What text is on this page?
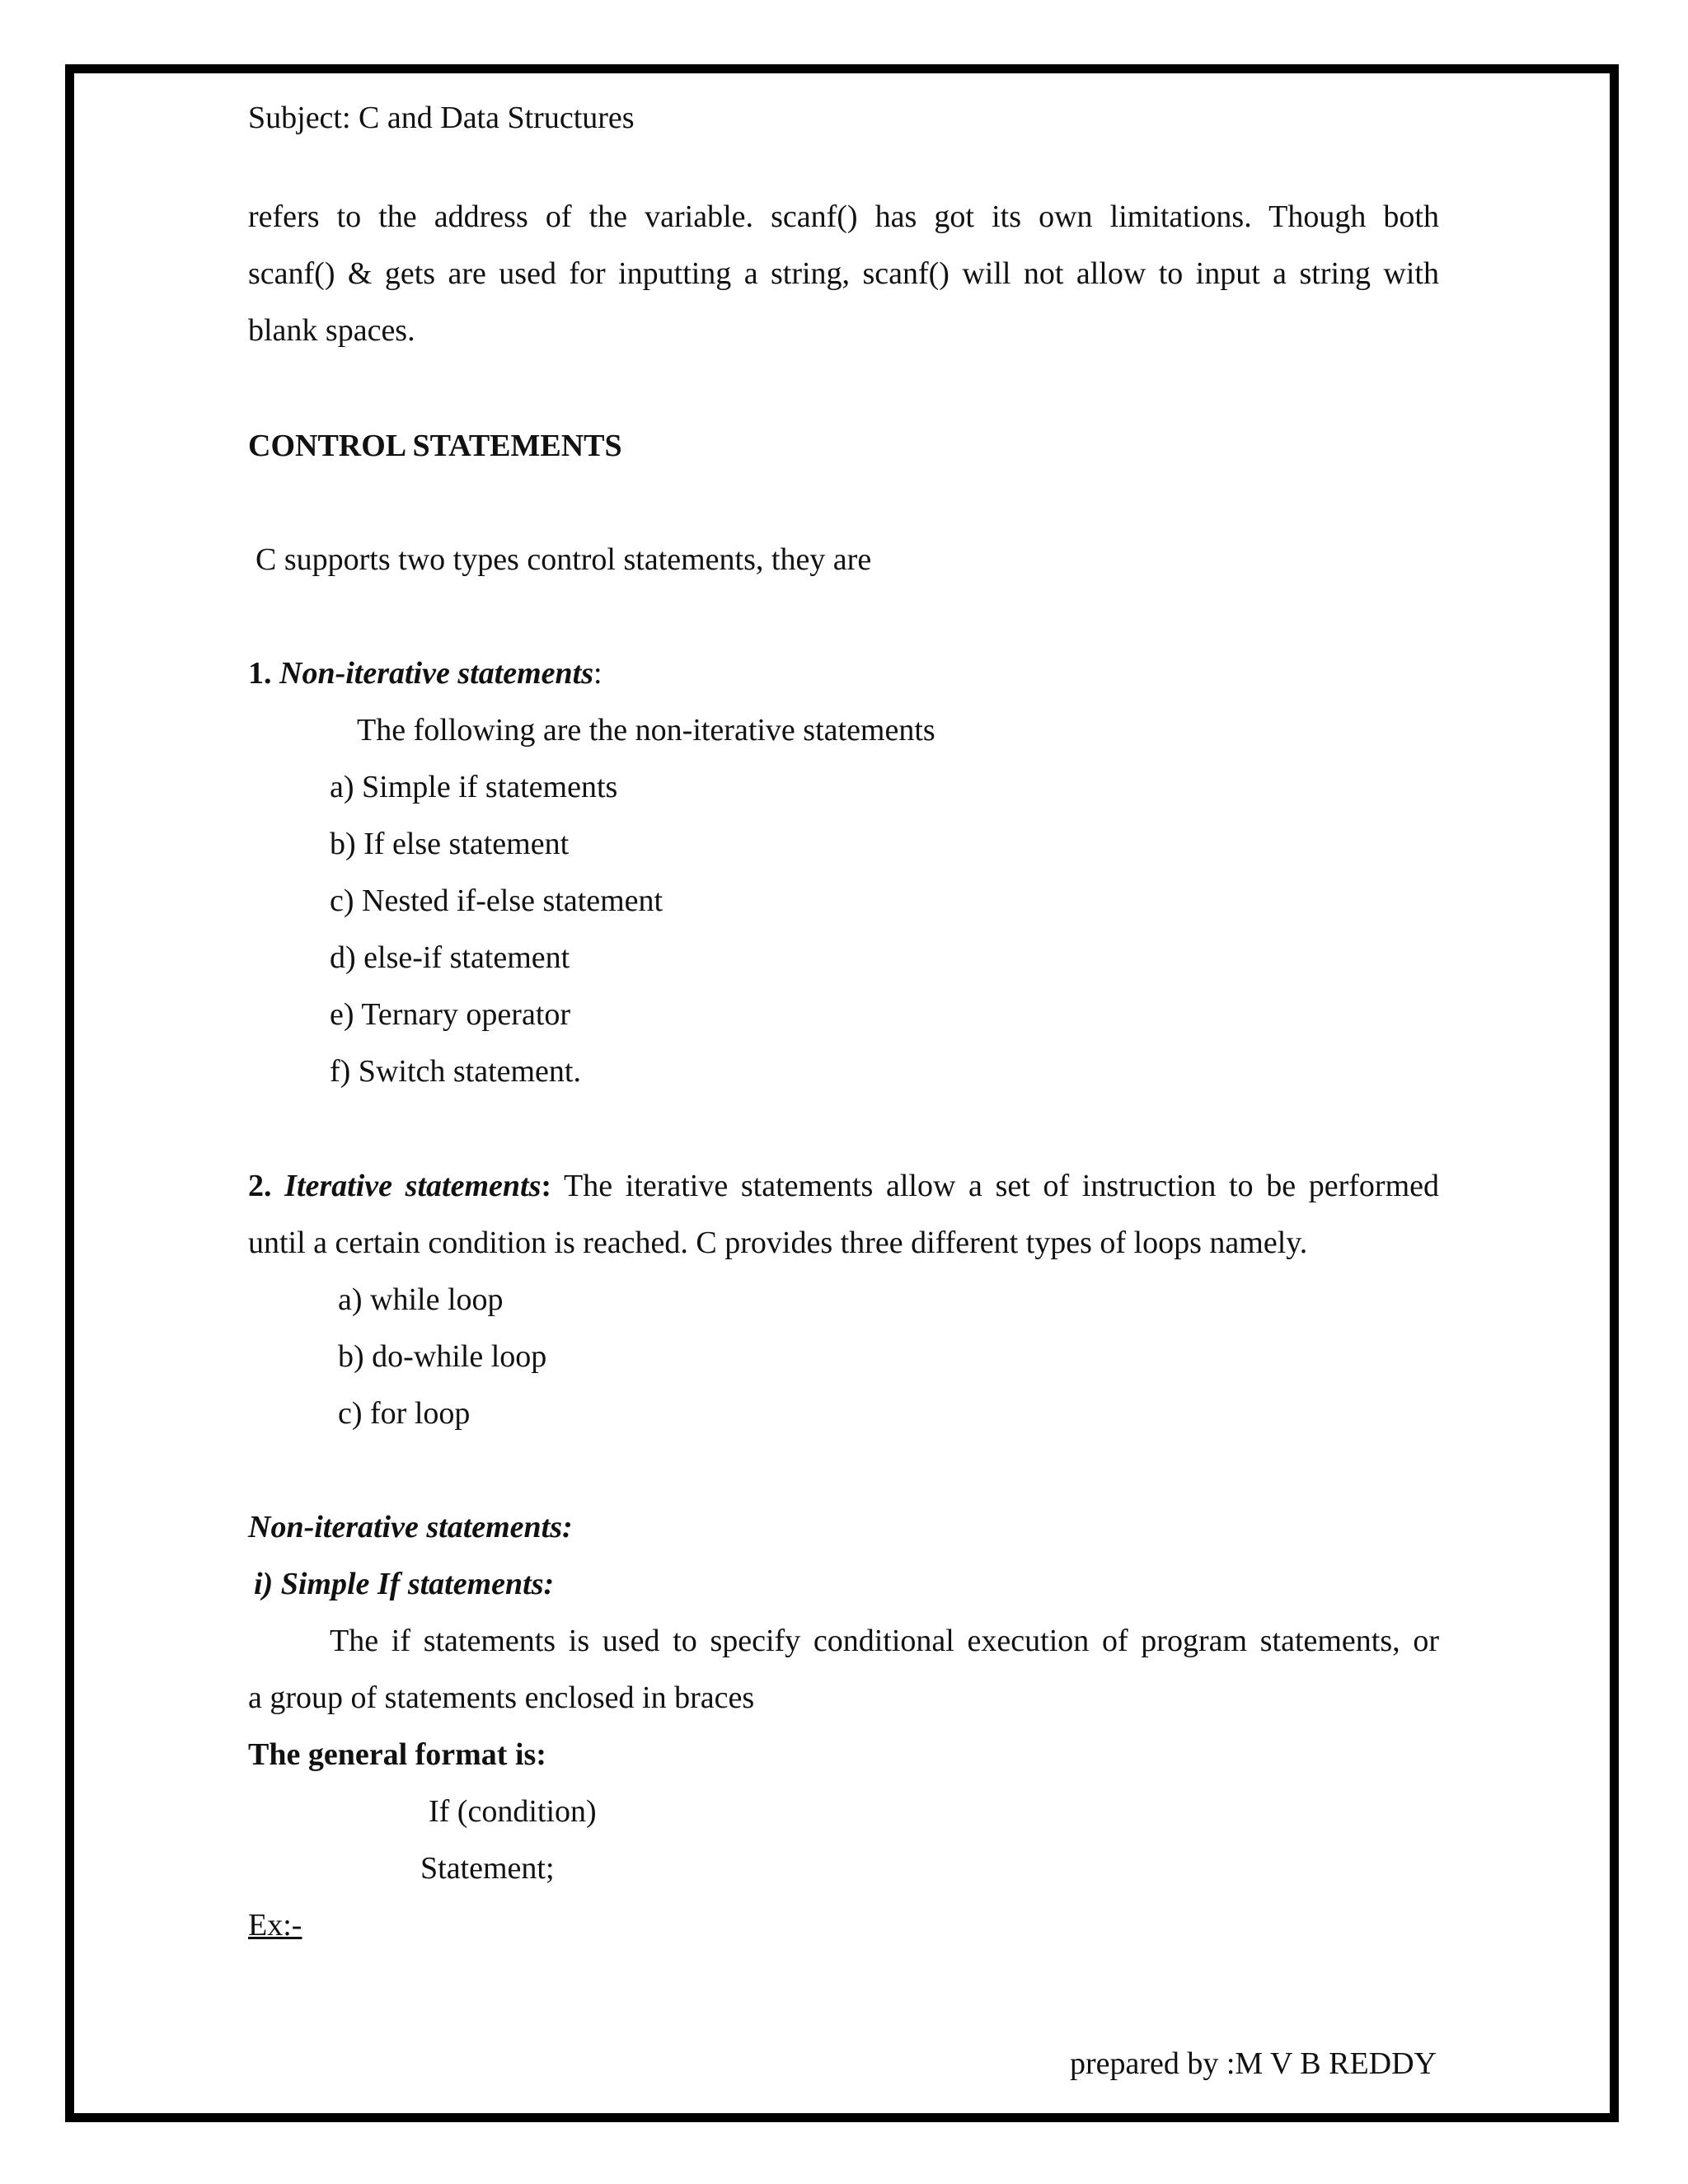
Subject: C and Data Structures

refers to the address of the variable. scanf() has got its own limitations. Though both

scanf() & gets are used for inputting a string, scanf() will not allow to input a string with

blank spaces.

CONTROL STATEMENTS

C supports two types control statements, they are

1. Non-iterative statements:

The following are the non-iterative statements

a) Simple if statements

b) If else statement

c) Nested if-else statement

d) else-if statement

e) Ternary operator

f) Switch statement.

2. Iterative statements: The iterative statements allow a set of instruction to be performed

until a certain condition is reached. C provides three different types of loops namely.

a) while loop

b) do-while loop

c) for loop

Non-iterative statements:

i) Simple If statements:

The if statements is used to specify conditional execution of program statements, or

a group of statements enclosed in braces

The general format is:

If (condition)

Statement;

Ex:-

prepared by :M V B REDDY
